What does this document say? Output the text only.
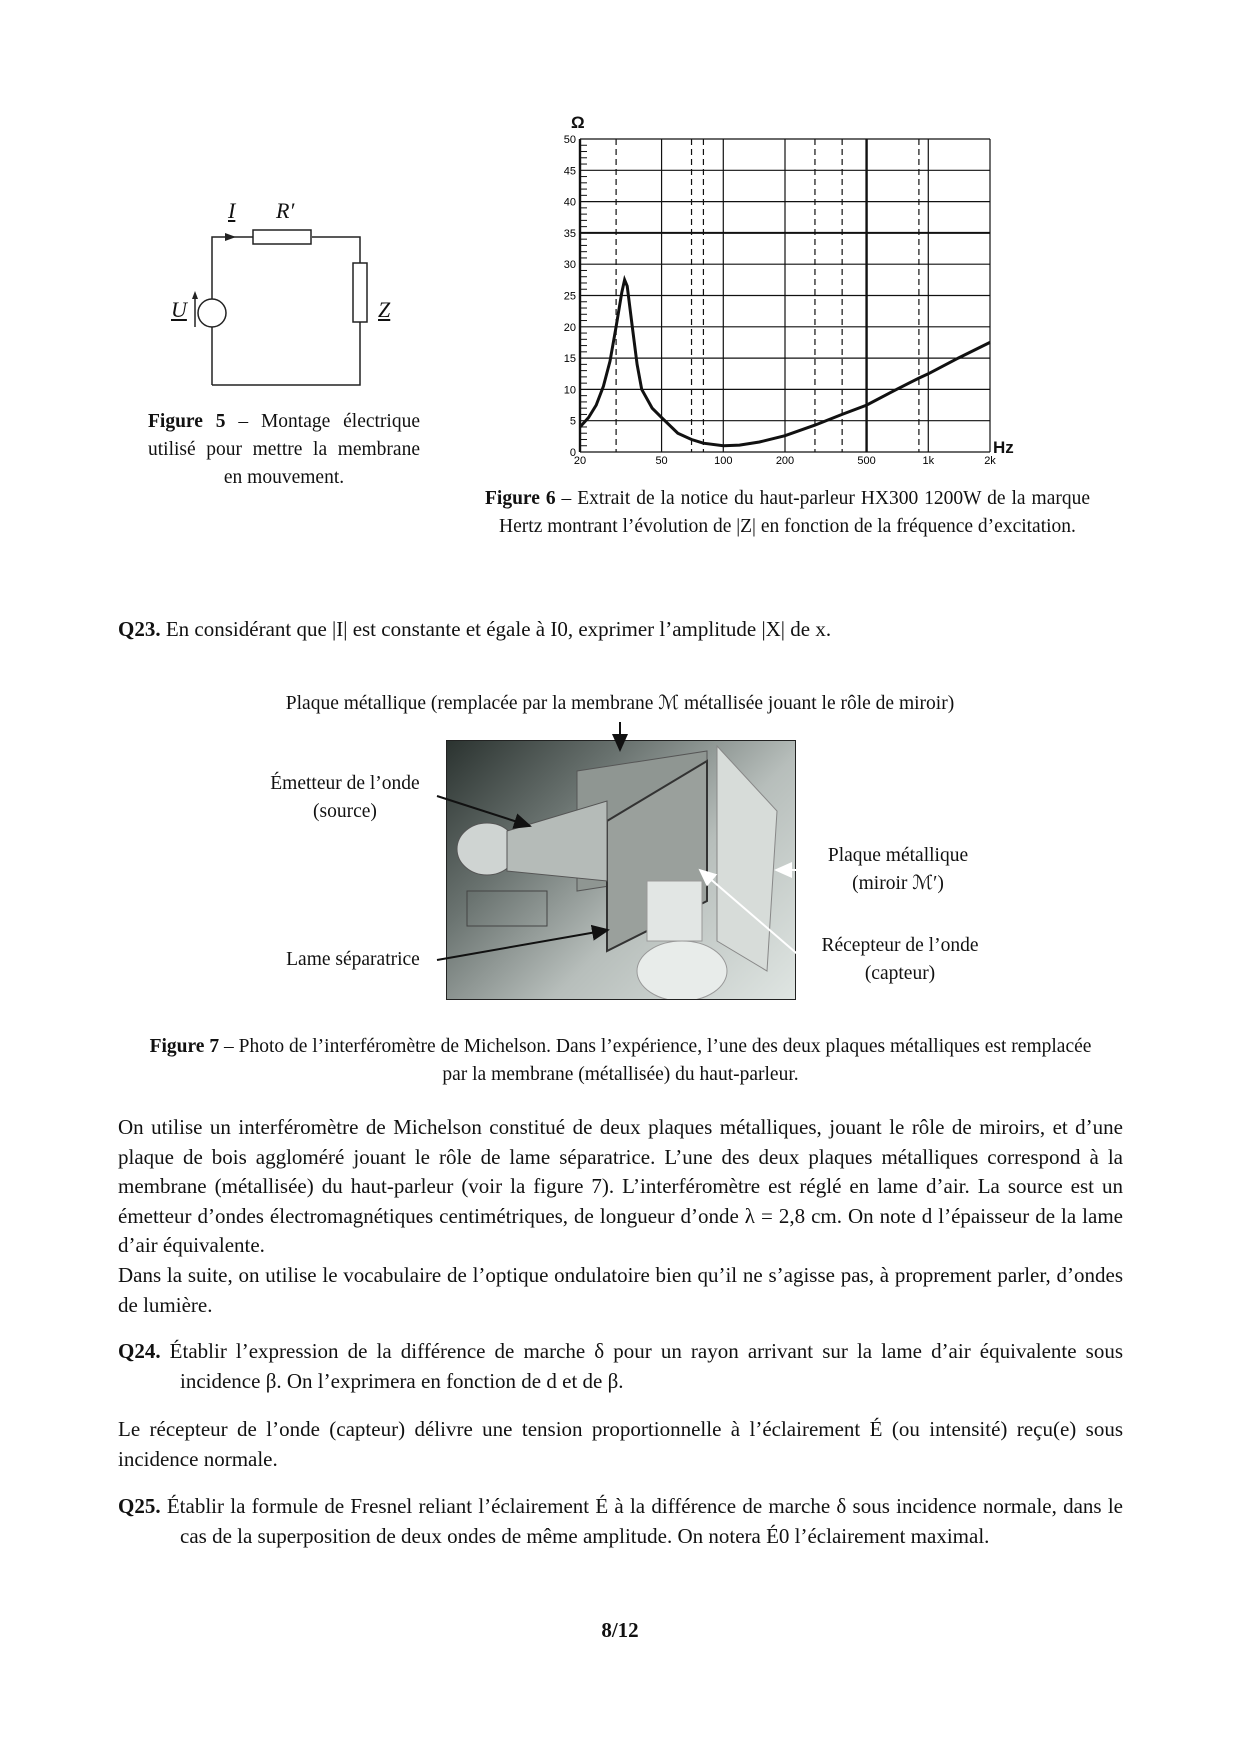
I R′
U	Z
Figure 5 – Montage électrique utilisé pour mettre la membrane en mouvement.
0
5
10
15
20
25
30
35
40
45
50
20	50	100	200	500	1k	2k
Ω
Hz
Figure 6 – Extrait de la notice du haut-parleur HX300 1200W de la marque Hertz montrant l’évolution de |Z| en fonction de la fréquence d’excitation.
Q23. En considérant que |I| est constante et égale à I0, exprimer l’amplitude |X| de x.
Plaque métallique (remplacée par la membrane ℳ métallisée jouant le rôle de miroir)
Émetteur de l’onde
(source)
Lame séparatrice
Plaque métallique
(miroir ℳ′)
Récepteur de l’onde
(capteur)
Figure 7 – Photo de l’interféromètre de Michelson. Dans l’expérience, l’une des deux plaques métalliques est remplacée par la membrane (métallisée) du haut-parleur.
On utilise un interféromètre de Michelson constitué de deux plaques métalliques, jouant le rôle de miroirs, et d’une plaque de bois aggloméré jouant le rôle de lame séparatrice. L’une des deux plaques métalliques correspond à la membrane (métallisée) du haut-parleur (voir la figure 7). L’interféromètre est réglé en lame d’air. La source est un émetteur d’ondes électromagnétiques centimétriques, de longueur d’onde λ = 2,8 cm. On note d l’épaisseur de la lame d’air équivalente.
Dans la suite, on utilise le vocabulaire de l’optique ondulatoire bien qu’il ne s’agisse pas, à proprement parler, d’ondes de lumière.
Q24. Établir l’expression de la différence de marche δ pour un rayon arrivant sur la lame d’air équivalente sous incidence β. On l’exprimera en fonction de d et de β.
Le récepteur de l’onde (capteur) délivre une tension proportionnelle à l’éclairement É (ou intensité) reçu(e) sous incidence normale.
Q25. Établir la formule de Fresnel reliant l’éclairement É à la différence de marche δ sous incidence normale, dans le cas de la superposition de deux ondes de même amplitude. On notera É0 l’éclairement maximal.
8/12
